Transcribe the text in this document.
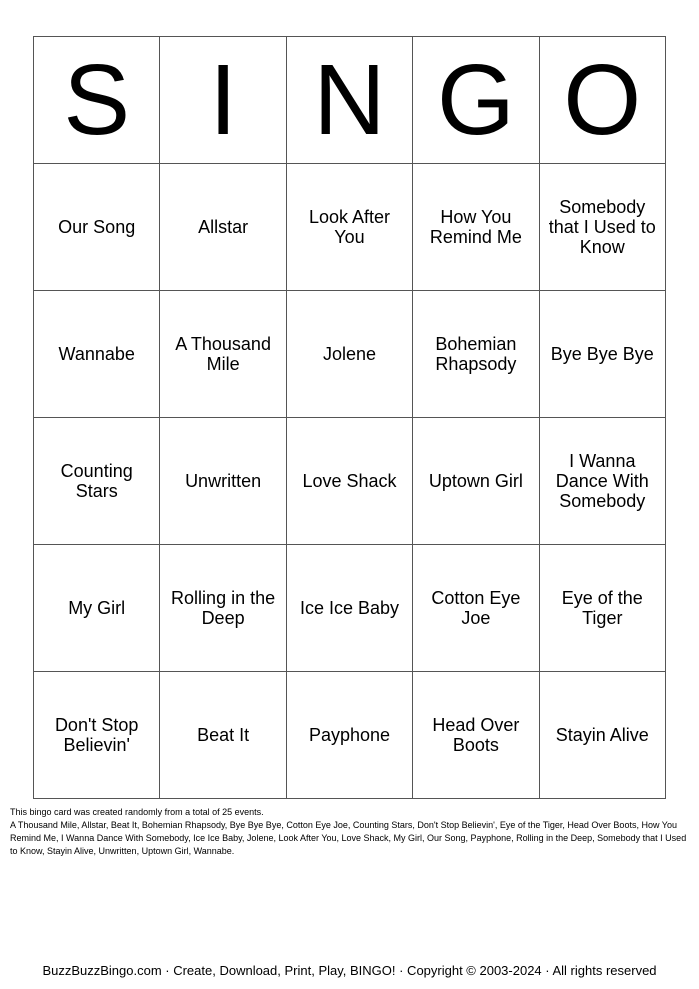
S	I	N	G	O
Our Song	Allstar	Look After You	How You Remind Me	Somebody that I Used to Know
Wannabe	A Thousand Mile	Jolene	Bohemian Rhapsody	Bye Bye Bye
Counting Stars	Unwritten	Love Shack	Uptown Girl	I Wanna Dance With Somebody
My Girl	Rolling in the Deep	Ice Ice Baby	Cotton Eye Joe	Eye of the Tiger
Don't Stop Believin'	Beat It	Payphone	Head Over Boots	Stayin Alive
This bingo card was created randomly from a total of 25 events.
A Thousand Mile, Allstar, Beat It, Bohemian Rhapsody, Bye Bye Bye, Cotton Eye Joe, Counting Stars, Don't Stop Believin', Eye of the Tiger, Head Over Boots, How You Remind Me, I Wanna Dance With Somebody, Ice Ice Baby, Jolene, Look After You, Love Shack, My Girl, Our Song, Payphone, Rolling in the Deep, Somebody that I Used to Know, Stayin Alive, Unwritten, Uptown Girl, Wannabe.
BuzzBuzzBingo.com · Create, Download, Print, Play, BINGO! · Copyright © 2003-2024 · All rights reserved
